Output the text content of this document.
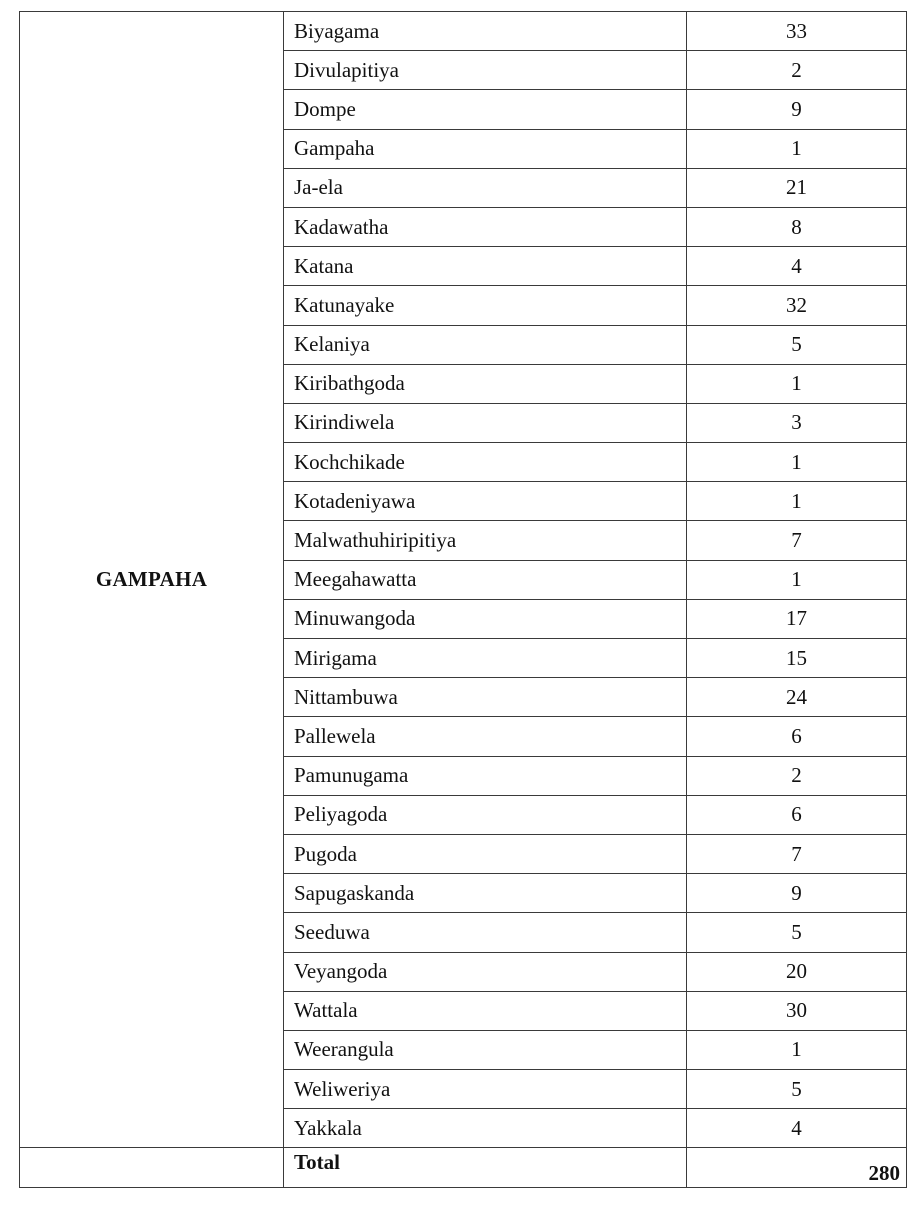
GAMPAHA	Biyagama	33
	Divulapitiya	2
	Dompe	9
	Gampaha	1
	Ja-ela	21
	Kadawatha	8
	Katana	4
	Katunayake	32
	Kelaniya	5
	Kiribathgoda	1
	Kirindiwela	3
	Kochchikade	1
	Kotadeniyawa	1
	Malwathuhiripitiya	7
	Meegahawatta	1
	Minuwangoda	17
	Mirigama	15
	Nittambuwa	24
	Pallewela	6
	Pamunugama	2
	Peliyagoda	6
	Pugoda	7
	Sapugaskanda	9
	Seeduwa	5
	Veyangoda	20
	Wattala	30
	Weerangula	1
	Weliweriya	5
	Yakkala	4
	Total	280
